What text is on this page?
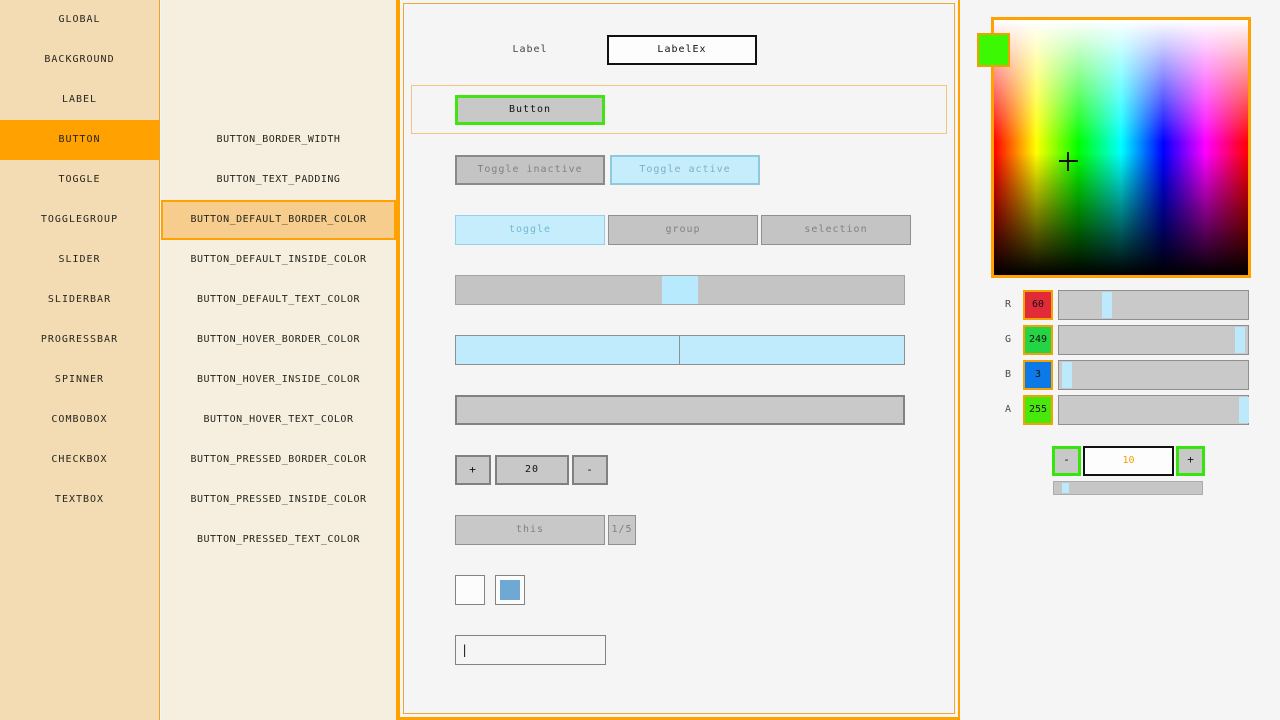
GLOBAL
BACKGROUND
LABEL
BUTTON
TOGGLE
TOGGLEGROUP
SLIDER
SLIDERBAR
PROGRESSBAR
SPINNER
COMBOBOX
CHECKBOX
TEXTBOX
BUTTON_BORDER_WIDTH
BUTTON_TEXT_PADDING
BUTTON_DEFAULT_BORDER_COLOR
BUTTON_DEFAULT_INSIDE_COLOR
BUTTON_DEFAULT_TEXT_COLOR
BUTTON_HOVER_BORDER_COLOR
BUTTON_HOVER_INSIDE_COLOR
BUTTON_HOVER_TEXT_COLOR
BUTTON_PRESSED_BORDER_COLOR
BUTTON_PRESSED_INSIDE_COLOR
BUTTON_PRESSED_TEXT_COLOR
Label	LabelEx
Button
Toggle inactive	Toggle active
toggle	group	selection
+	20	-
this	1/5
|
R	60
G	249
B	3
A	255
-	10	+
